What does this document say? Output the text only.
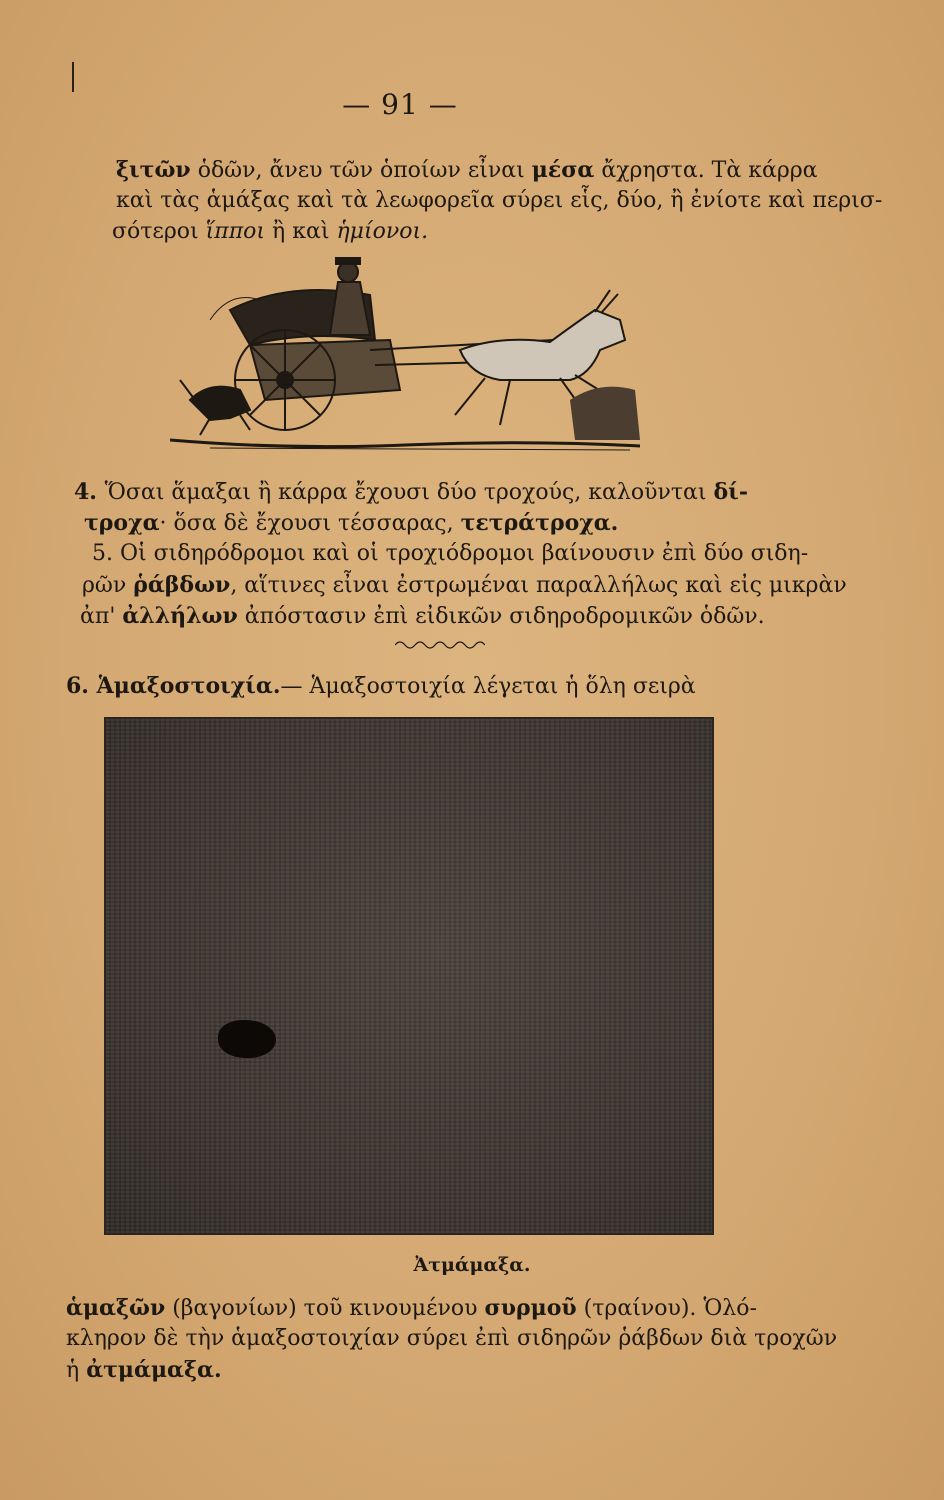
— 91 —
ξιτῶν ὁδῶν, ἄνευ τῶν ὁποίων εἶναι μέσα ἄχρηστα. Τὰ κάρρα
καὶ τὰς ἁμάξας καὶ τὰ λεωφορεῖα σύρει εἷς, δύο, ἢ ἐνίοτε καὶ περισ-
σότεροι ἵπποι ἢ καὶ ἡμίονοι.
4. Ὅσαι ἅμαξαι ἢ κάρρα ἔχουσι δύο τροχούς, καλοῦνται δί-
τροχα· ὅσα δὲ ἔχουσι τέσσαρας, τετράτροχα.
5. Οἱ σιδηρόδρομοι καὶ οἱ τροχιόδρομοι βαίνουσιν ἐπὶ δύο σιδη-
ρῶν ῥάβδων, αἵτινες εἶναι ἐστρωμέναι παραλλήλως καὶ εἰς μικρὰν
ἀπ' ἀλλήλων ἀπόστασιν ἐπὶ εἰδικῶν σιδηροδρομικῶν ὁδῶν.
6. Ἁμαξοστοιχία.— Ἁμαξοστοιχία λέγεται ἡ ὅλη σειρὰ
Ἀτμάμαξα.
ἁμαξῶν (βαγονίων) τοῦ κινουμένου συρμοῦ (τραίνου). Ὁλό-
κληρον δὲ τὴν ἁμαξοστοιχίαν σύρει ἐπὶ σιδηρῶν ῥάβδων διὰ τροχῶν
ἡ ἀτμάμαξα.
